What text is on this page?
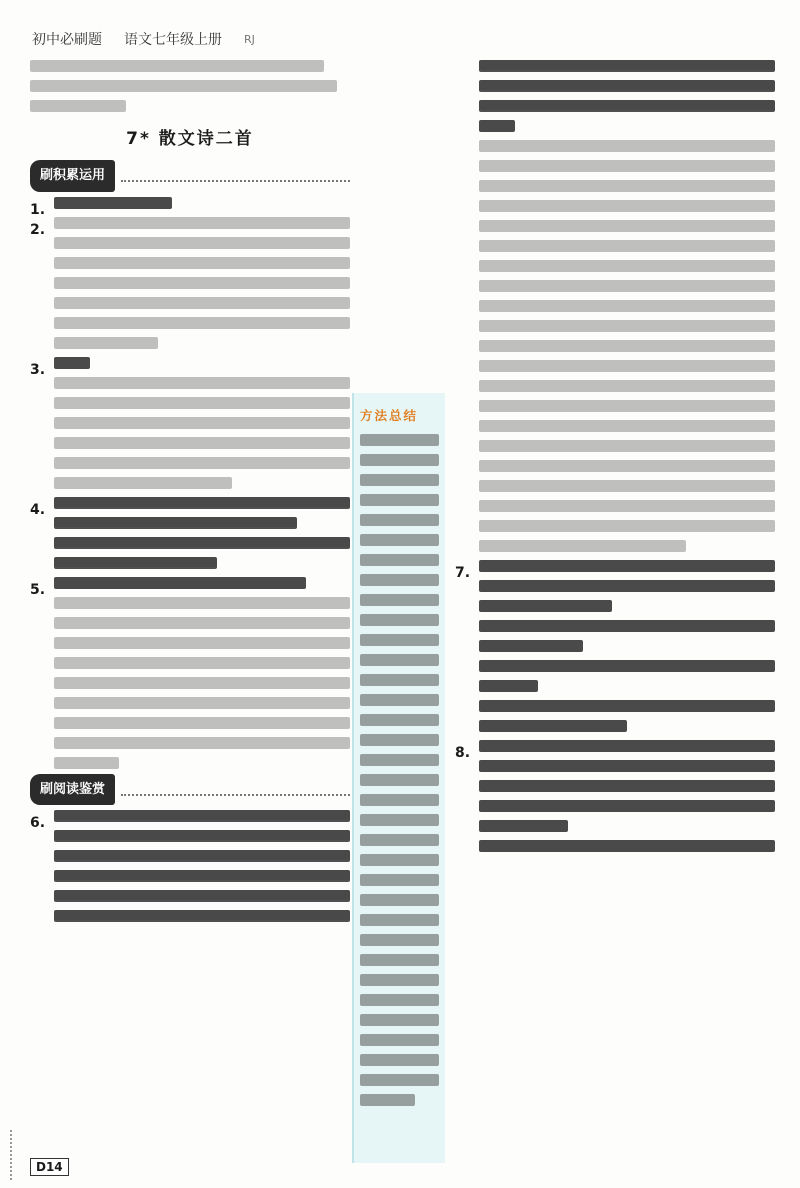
初中必刷题 语文七年级上册 RJ
7* 散文诗二首
刷积累运用
1.
2.
3.
4.
5.
刷阅读鉴赏
6.
方法总结
7.
8.
D14
